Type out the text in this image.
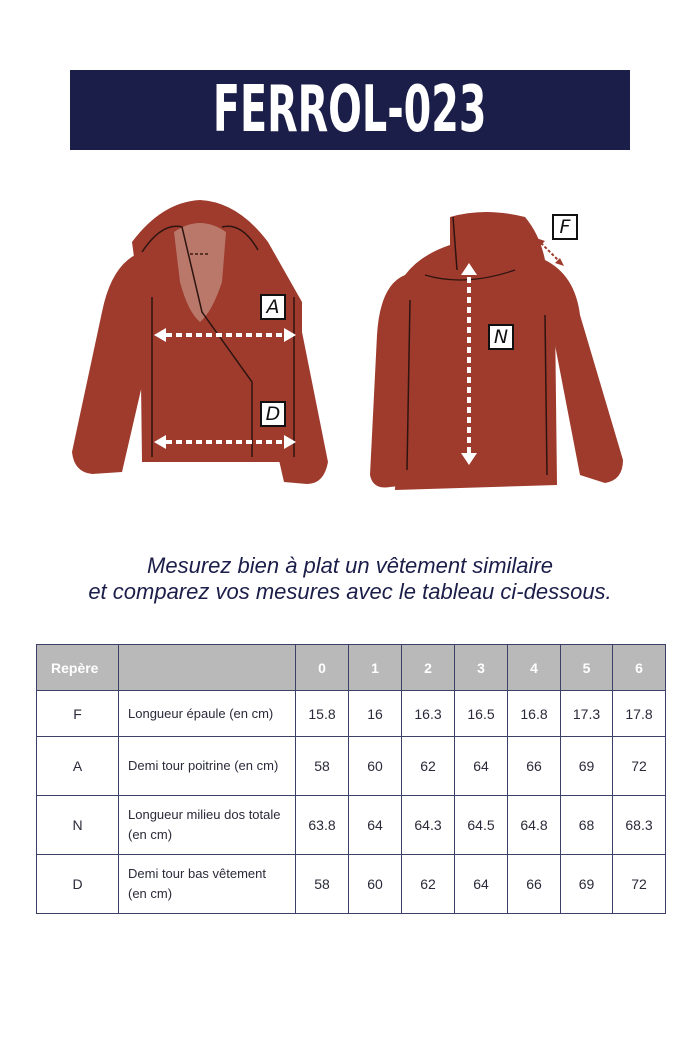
FERROL-023
A
D
N
F
Mesurez bien à plat un vêtement similaire
et comparez vos mesures avec le tableau ci-dessous.
Repère		0	1	2	3	4	5	6
F	Longueur épaule (en cm)	15.8	16	16.3	16.5	16.8	17.3	17.8
A	Demi tour poitrine (en cm)	58	60	62	64	66	69	72
N	Longueur milieu dos totale (en cm)	63.8	64	64.3	64.5	64.8	68	68.3
D	Demi tour bas vêtement (en cm)	58	60	62	64	66	69	72
